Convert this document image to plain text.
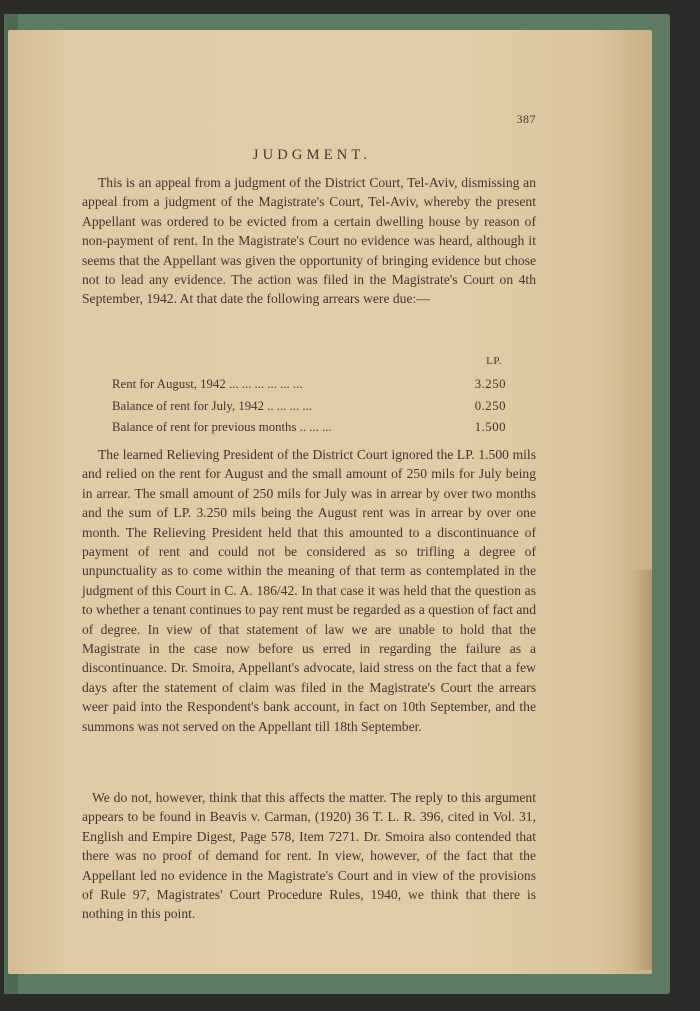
387
JUDGMENT.

This is an appeal from a judgment of the District Court, Tel-Aviv, dismissing an appeal from a judgment of the Magistrate's Court, Tel-Aviv, whereby the present Appellant was ordered to be evicted from a certain dwelling house by reason of non-payment of rent. In the Magistrate's Court no evidence was heard, although it seems that the Appellant was given the opportunity of bringing evidence but chose not to lead any evidence. The action was filed in the Magistrate's Court on 4th September, 1942. At that date the following arrears were due:—

LP.
Rent for August, 1942 ... ... ... ... ... ...	3.250
Balance of rent for July, 1942 .. ... ... ...	0.250
Balance of rent for previous months .. ... ...	1.500

The learned Relieving President of the District Court ignored the LP. 1.500 mils and relied on the rent for August and the small amount of 250 mils for July being in arrear. The small amount of 250 mils for July was in arrear by over two months and the sum of LP. 3.250 mils being the August rent was in arrear by over one month. The Relieving President held that this amounted to a discontinuance of payment of rent and could not be considered as so trifling a degree of unpunctuality as to come within the meaning of that term as contemplated in the judgment of this Court in C. A. 186/42. In that case it was held that the question as to whether a tenant continues to pay rent must be regarded as a question of fact and of degree. In view of that statement of law we are unable to hold that the Magistrate in the case now before us erred in regarding the failure as a discontinuance. Dr. Smoira, Appellant's advocate, laid stress on the fact that a few days after the statement of claim was filed in the Magistrate's Court the arrears weer paid into the Respondent's bank account, in fact on 10th September, and the summons was not served on the Appellant till 18th September.

We do not, however, think that this affects the matter. The reply to this argument appears to be found in Beavis v. Carman, (1920) 36 T. L. R. 396, cited in Vol. 31, English and Empire Digest, Page 578, Item 7271. Dr. Smoira also contended that there was no proof of demand for rent. In view, however, of the fact that the Appellant led no evidence in the Magistrate's Court and in view of the provisions of Rule 97, Magistrates' Court Procedure Rules, 1940, we think that there is nothing in this point.
